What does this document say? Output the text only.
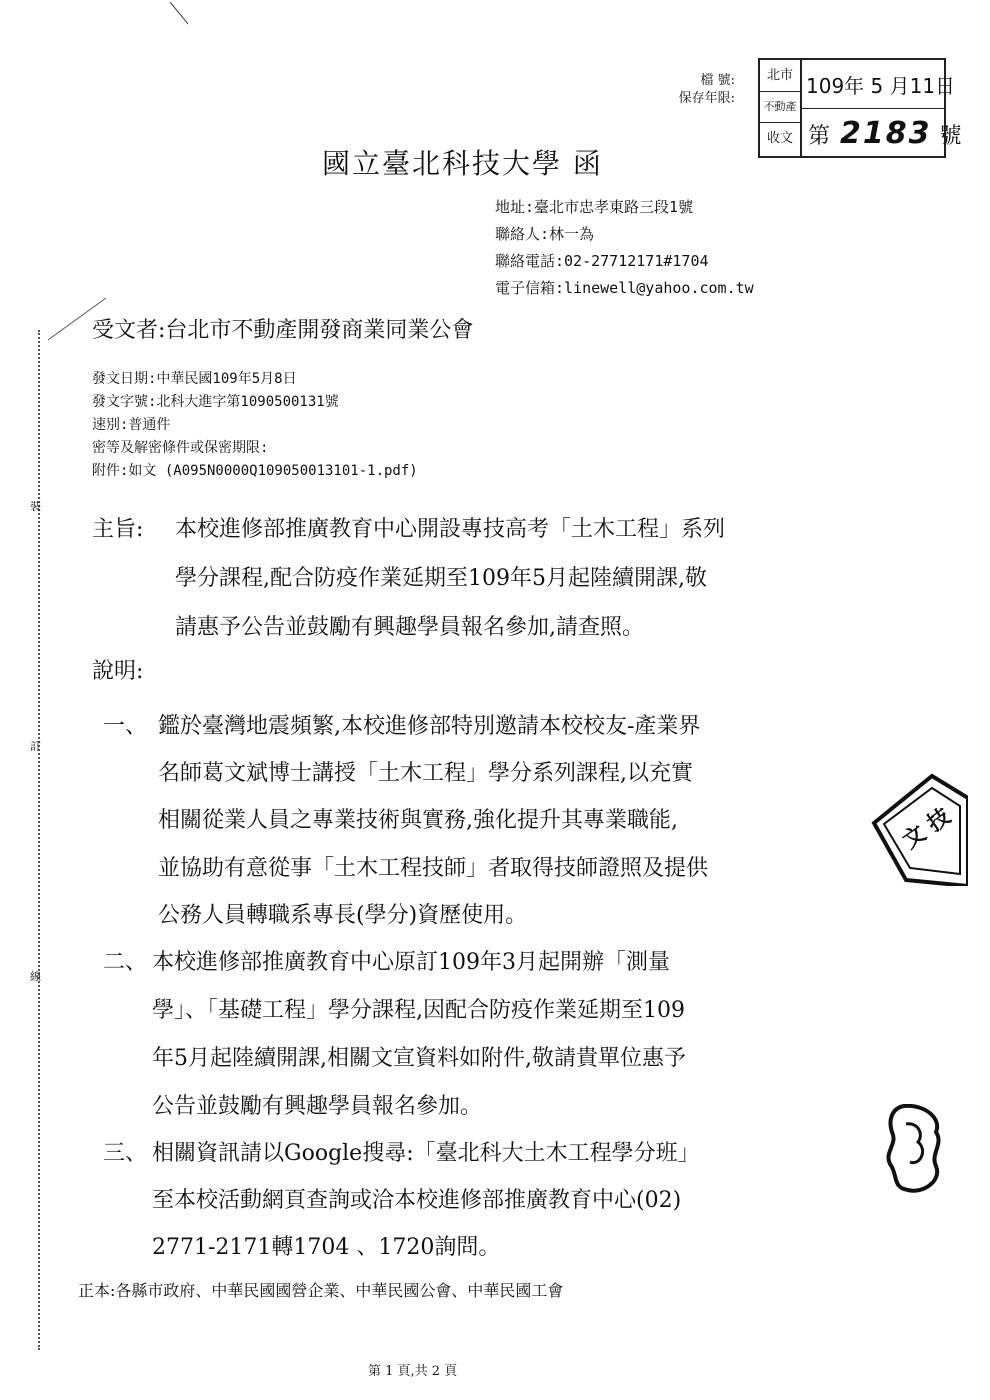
裝
訂
線
檔 號:
保存年限:
北市
不動產
收文
109年 5 月11日
第 2183 號
國立臺北科技大學 函
地址:臺北市忠孝東路三段1號
聯絡人:林一為
聯絡電話:02-27712171#1704
電子信箱:linewell@yahoo.com.tw
受文者:台北市不動產開發商業同業公會
發文日期:中華民國109年5月8日
發文字號:北科大進字第1090500131號
速別:普通件
密等及解密條件或保密期限:
附件:如文 (A095N0000Q109050013101-1.pdf)
主旨: 本校進修部推廣教育中心開設專技高考「土木工程」系列
學分課程,配合防疫作業延期至109年5月起陸續開課,敬
請惠予公告並鼓勵有興趣學員報名參加,請查照。
說明:
一、 鑑於臺灣地震頻繁,本校進修部特別邀請本校校友-產業界
名師葛文斌博士講授「土木工程」學分系列課程,以充實
相關從業人員之專業技術與實務,強化提升其專業職能,
並協助有意從事「土木工程技師」者取得技師證照及提供
公務人員轉職系專長(學分)資歷使用。
二、 本校進修部推廣教育中心原訂109年3月起開辦「測量
學」、「基礎工程」學分課程,因配合防疫作業延期至109
年5月起陸續開課,相關文宣資料如附件,敬請貴單位惠予
公告並鼓勵有興趣學員報名參加。
三、 相關資訊請以Google搜尋:「臺北科大土木工程學分班」
至本校活動網頁查詢或洽本校進修部推廣教育中心(02)
2771-2171轉1704 、1720詢問。
文 技
正本:各縣市政府、中華民國國營企業、中華民國公會、中華民國工會
第 1 頁,共 2 頁
